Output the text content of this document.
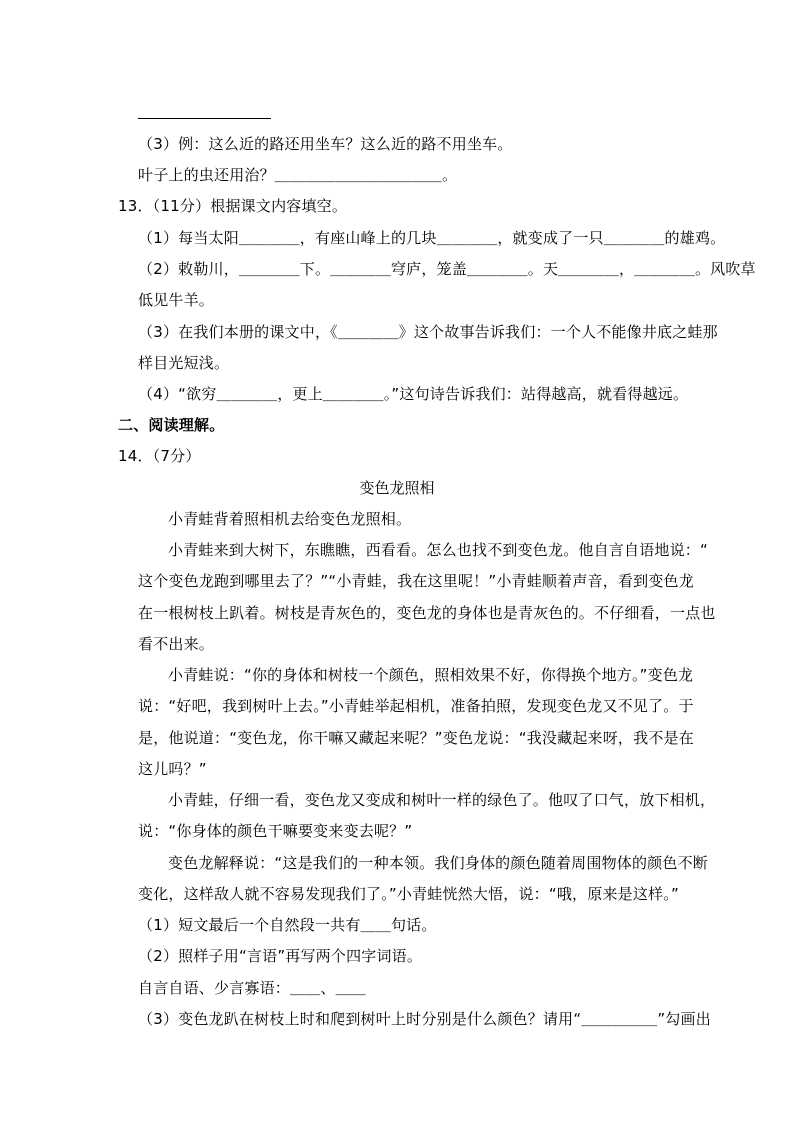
（3）例：这么近的路还用坐车？这么近的路不用坐车。
叶子上的虫还用治？＿＿＿＿＿＿＿＿＿＿＿。
13．（11分）根据课文内容填空。
（1）每当太阳＿＿＿＿，有座山峰上的几块＿＿＿＿，就变成了一只＿＿＿＿的雄鸡。
（2）敕勒川，＿＿＿＿下。＿＿＿＿穹庐，笼盖＿＿＿＿。天＿＿＿＿，＿＿＿＿。风吹草
低见牛羊。
（3）在我们本册的课文中，《＿＿＿＿》这个故事告诉我们：一个人不能像井底之蛙那
样目光短浅。
（4）“欲穷＿＿＿＿，更上＿＿＿＿。”这句诗告诉我们：站得越高，就看得越远。
二、阅读理解。
14．（7分）
变色龙照相
小青蛙背着照相机去给变色龙照相。
小青蛙来到大树下，东瞧瞧，西看看。怎么也找不到变色龙。他自言自语地说：“
这个变色龙跑到哪里去了？”“小青蛙，我在这里呢！”小青蛙顺着声音，看到变色龙
在一根树枝上趴着。树枝是青灰色的，变色龙的身体也是青灰色的。不仔细看，一点也
看不出来。
小青蛙说：“你的身体和树枝一个颜色，照相效果不好，你得换个地方。”变色龙
说：“好吧，我到树叶上去。”小青蛙举起相机，准备拍照，发现变色龙又不见了。于
是，他说道：“变色龙，你干嘛又藏起来呢？”变色龙说：“我没藏起来呀，我不是在
这儿吗？”
小青蛙，仔细一看，变色龙又变成和树叶一样的绿色了。他叹了口气，放下相机，
说：“你身体的颜色干嘛要变来变去呢？”
变色龙解释说：“这是我们的一种本领。我们身体的颜色随着周围物体的颜色不断
变化，这样敌人就不容易发现我们了。”小青蛙恍然大悟，说：“哦，原来是这样。”
（1）短文最后一个自然段一共有＿＿句话。
（2）照样子用“言语”再写两个四字词语。
自言自语、少言寡语：＿＿、＿＿
（3）变色龙趴在树枝上时和爬到树叶上时分别是什么颜色？请用“＿＿＿＿＿”勾画出
